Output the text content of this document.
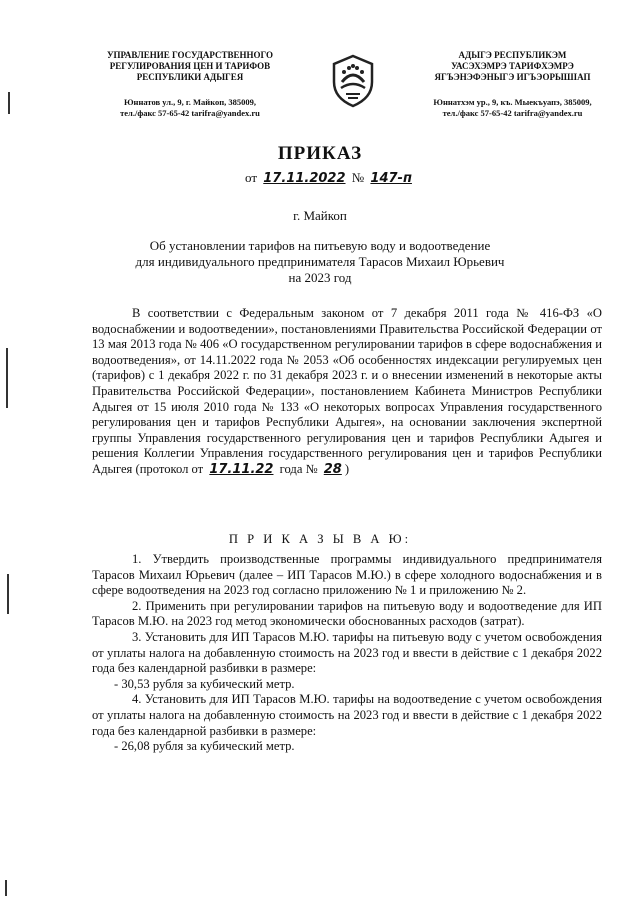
УПРАВЛЕНИЕ ГОСУДАРСТВЕННОГО
РЕГУЛИРОВАНИЯ ЦЕН И ТАРИФОВ
РЕСПУБЛИКИ АДЫГЕЯ
Юннатов ул., 9, г. Майкоп, 385009,
тел./факс 57-65-42 tarifra@yandex.ru
АДЫГЭ РЕСПУБЛИКЭМ
УАСЭХЭМРЭ ТАРИФХЭМРЭ
ЯГЪЭНЭФЭНЫГЭ ИГЪЭОРЫШІАП
Юннатхэм ур., 9, къ. Мыекъуапэ, 385009,
тел./факс 57-65-42 tarifra@yandex.ru
ПРИКАЗ
от 17.11.2022 № 147-п
г. Майкоп
Об установлении тарифов на питьевую воду и водоотведение
для индивидуального предпринимателя Тарасов Михаил Юрьевич
на 2023 год

В соответствии с Федеральным законом от 7 декабря 2011 года № 416-ФЗ «О водоснабжении и водоотведении», постановлениями Правительства Российской Федерации от 13 мая 2013 года № 406 «О государственном регулировании тарифов в сфере водоснабжения и водоотведения», от 14.11.2022 года № 2053 «Об особенностях индексации регулируемых цен (тарифов) с 1 декабря 2022 г. по 31 декабря 2023 г. и о внесении изменений в некоторые акты Правительства Российской Федерации», постановлением Кабинета Министров Республики Адыгея от 15 июля 2010 года № 133 «О некоторых вопросах Управления государственного регулирования цен и тарифов Республики Адыгея», на основании заключения экспертной группы Управления государственного регулирования цен и тарифов Республики Адыгея и решения Коллегии Управления государственного регулирования цен и тарифов Республики Адыгея (протокол от 17.11.22 года № 28 )

П Р И К А З Ы В А Ю:

1. Утвердить производственные программы индивидуального предпринимателя Тарасов Михаил Юрьевич (далее – ИП Тарасов М.Ю.) в сфере холодного водоснабжения и в сфере водоотведения на 2023 год согласно приложению № 1 и приложению № 2.

2. Применить при регулировании тарифов на питьевую воду и водоотведение для ИП Тарасов М.Ю. на 2023 год метод экономически обоснованных расходов (затрат).

3. Установить для ИП Тарасов М.Ю. тарифы на питьевую воду с учетом освобождения от уплаты налога на добавленную стоимость на 2023 год и ввести в действие с 1 декабря 2022 года без календарной разбивки в размере:

- 30,53 рубля за кубический метр.

4. Установить для ИП Тарасов М.Ю. тарифы на водоотведение с учетом освобождения от уплаты налога на добавленную стоимость на 2023 год и ввести в действие с 1 декабря 2022 года без календарной разбивки в размере:

- 26,08 рубля за кубический метр.
